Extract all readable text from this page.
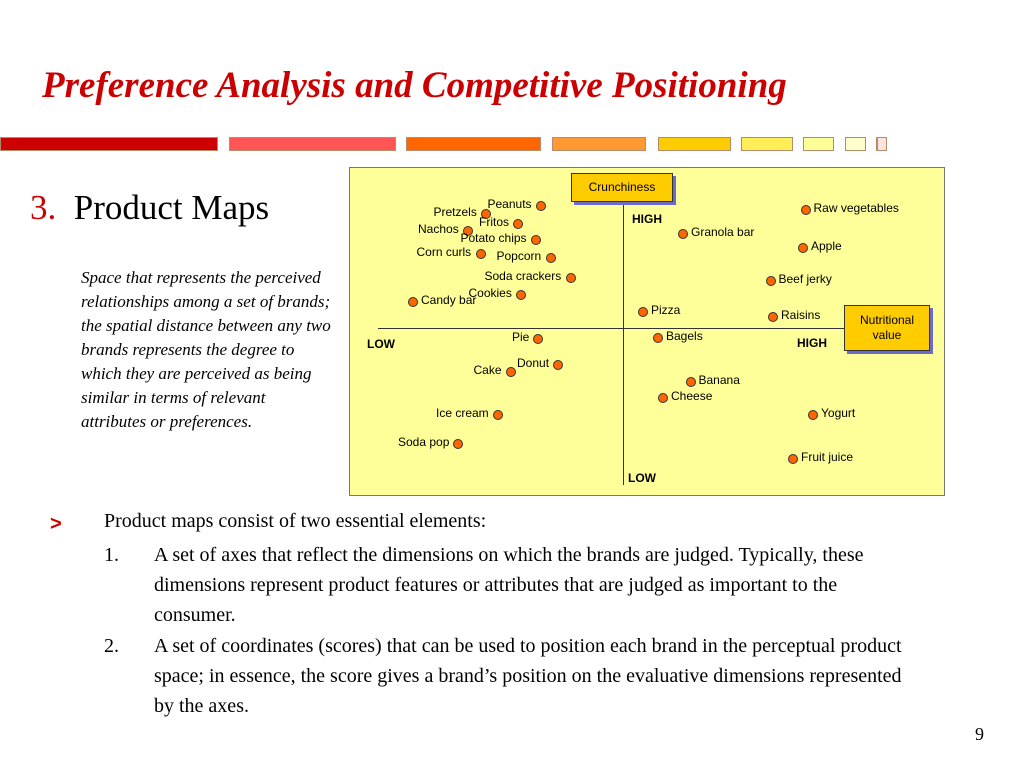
Preference Analysis and Competitive Positioning
3. Product Maps
Space that represents the perceived relationships among a set of brands; the spatial distance between any two brands represents the degree to which they are perceived as being similar in terms of relevant attributes or preferences.
Crunchiness
Nutritional value
HIGH
LOW
LOW	HIGH
Pretzels
Peanuts
Fritos
Nachos
Potato chips
Corn curls Popcorn
Soda crackers
Cookies
Candy bar
Raw vegetables
Granola bar
Apple
Beef jerky
Pizza	Raisins
Pie	Bagels
Donut
Cake
Banana
Cheese
Ice cream	Yogurt
Soda pop
Fruit juice
> Product maps consist of two essential elements:
1. A set of axes that reflect the dimensions on which the brands are judged. Typically, these dimensions represent product features or attributes that are judged as important to the consumer.
2. A set of coordinates (scores) that can be used to position each brand in the perceptual product space; in essence, the score gives a brand’s position on the evaluative dimensions represented by the axes.
9
